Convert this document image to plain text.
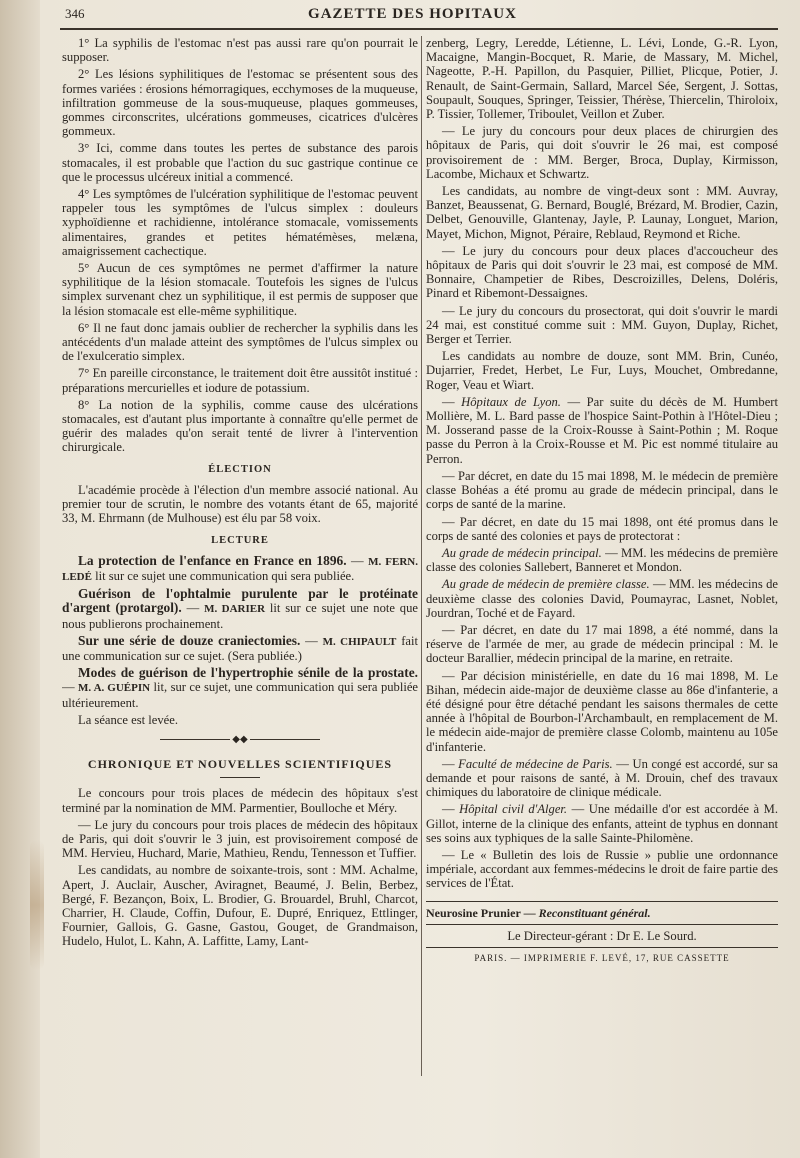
346	GAZETTE DES HOPITAUX

1° La syphilis de l'estomac n'est pas aussi rare qu'on pourrait le supposer.

2° Les lésions syphilitiques de l'estomac se présentent sous des formes variées : érosions hémorragiques, ecchymoses de la muqueuse, infiltration gommeuse de la sous-muqueuse, plaques gommeuses, gommes circonscrites, ulcérations gommeuses, cicatrices d'ulcères gommeux.

3° Ici, comme dans toutes les pertes de substance des parois stomacales, il est probable que l'action du suc gastrique continue ce que le processus ulcéreux initial a commencé.

4° Les symptômes de l'ulcération syphilitique de l'estomac peuvent rappeler tous les symptômes de l'ulcus simplex : douleurs xyphoïdienne et rachidienne, intolérance stomacale, vomissements alimentaires, grandes et petites hématémèses, melæna, amaigrissement cachectique.

5° Aucun de ces symptômes ne permet d'affirmer la nature syphilitique de la lésion stomacale. Toutefois les signes de l'ulcus simplex survenant chez un syphilitique, il est permis de supposer que la lésion stomacale est elle-même syphilitique.

6° Il ne faut donc jamais oublier de rechercher la syphilis dans les antécédents d'un malade atteint des symptômes de l'ulcus simplex ou de l'exulceratio simplex.

7° En pareille circonstance, le traitement doit être aussitôt institué : préparations mercurielles et iodure de potassium.

8° La notion de la syphilis, comme cause des ulcérations stomacales, est d'autant plus importante à connaître qu'elle permet de guérir des malades qu'on serait tenté de livrer à l'intervention chirurgicale.

ÉLECTION

L'académie procède à l'élection d'un membre associé national. Au premier tour de scrutin, le nombre des votants étant de 65, majorité 33, M. Ehrmann (de Mulhouse) est élu par 58 voix.

LECTURE

La protection de l'enfance en France en 1896. — M. FERN. LEDÉ lit sur ce sujet une communication qui sera publiée.

Guérison de l'ophtalmie purulente par le protéinate d'argent (protargol). — M. DARIER lit sur ce sujet une note que nous publierons prochainement.

Sur une série de douze craniectomies. — M. CHIPAULT fait une communication sur ce sujet. (Sera publiée.)

Modes de guérison de l'hypertrophie sénile de la prostate. — M. A. GUÉPIN lit, sur ce sujet, une communication qui sera publiée ultérieurement.

La séance est levée.

◆◆
CHRONIQUE ET NOUVELLES SCIENTIFIQUES

Le concours pour trois places de médecin des hôpitaux s'est terminé par la nomination de MM. Parmentier, Boulloche et Méry.

— Le jury du concours pour trois places de médecin des hôpitaux de Paris, qui doit s'ouvrir le 3 juin, est provisoirement composé de MM. Hervieu, Huchard, Marie, Mathieu, Rendu, Tennesson et Tuffier.

Les candidats, au nombre de soixante-trois, sont : MM. Achalme, Apert, J. Auclair, Auscher, Aviragnet, Beaumé, J. Belin, Berbez, Bergé, F. Bezançon, Boix, L. Brodier, G. Brouardel, Bruhl, Charcot, Charrier, H. Claude, Coffin, Dufour, E. Dupré, Enriquez, Ettlinger, Fournier, Gallois, G. Gasne, Gastou, Gouget, de Grandmaison, Hudelo, Hulot, L. Kahn, A. Laffitte, Lamy, Lant-

zenberg, Legry, Leredde, Létienne, L. Lévi, Londe, G.-R. Lyon, Macaigne, Mangin-Bocquet, R. Marie, de Massary, M. Michel, Nageotte, P.-H. Papillon, du Pasquier, Pilliet, Plicque, Potier, J. Renault, de Saint-Germain, Sallard, Marcel Sée, Sergent, J. Sottas, Soupault, Souques, Springer, Teissier, Thérèse, Thiercelin, Thiroloix, P. Tissier, Tollemer, Triboulet, Veillon et Zuber.

— Le jury du concours pour deux places de chirurgien des hôpitaux de Paris, qui doit s'ouvrir le 26 mai, est composé provisoirement de : MM. Berger, Broca, Duplay, Kirmisson, Lacombe, Michaux et Schwartz.

Les candidats, au nombre de vingt-deux sont : MM. Auvray, Banzet, Beaussenat, G. Bernard, Bouglé, Brézard, M. Brodier, Cazin, Delbet, Genouville, Glantenay, Jayle, P. Launay, Longuet, Marion, Mayet, Michon, Mignot, Péraire, Reblaud, Reymond et Riche.

— Le jury du concours pour deux places d'accoucheur des hôpitaux de Paris qui doit s'ouvrir le 23 mai, est composé de MM. Bonnaire, Champetier de Ribes, Descroizilles, Delens, Doléris, Pinard et Ribemont-Dessaignes.

— Le jury du concours du prosectorat, qui doit s'ouvrir le mardi 24 mai, est constitué comme suit : MM. Guyon, Duplay, Richet, Berger et Terrier.

Les candidats au nombre de douze, sont MM. Brin, Cunéo, Dujarrier, Fredet, Herbet, Le Fur, Luys, Mouchet, Ombredanne, Roger, Veau et Wiart.

— Hôpitaux de Lyon. — Par suite du décès de M. Humbert Mollière, M. L. Bard passe de l'hospice Saint-Pothin à l'Hôtel-Dieu ; M. Josserand passe de la Croix-Rousse à Saint-Pothin ; M. Roque passe du Perron à la Croix-Rousse et M. Pic est nommé titulaire au Perron.

— Par décret, en date du 15 mai 1898, M. le médecin de première classe Bohéas a été promu au grade de médecin principal, dans le corps de santé de la marine.

— Par décret, en date du 15 mai 1898, ont été promus dans le corps de santé des colonies et pays de protectorat :

Au grade de médecin principal. — MM. les médecins de première classe des colonies Sallebert, Banneret et Mondon.

Au grade de médecin de première classe. — MM. les médecins de deuxième classe des colonies David, Poumayrac, Lasnet, Noblet, Jourdran, Toché et de Fayard.

— Par décret, en date du 17 mai 1898, a été nommé, dans la réserve de l'armée de mer, au grade de médecin principal : M. le docteur Barallier, médecin principal de la marine, en retraite.

— Par décision ministérielle, en date du 16 mai 1898, M. Le Bihan, médecin aide-major de deuxième classe au 86e d'infanterie, a été désigné pour être détaché pendant les saisons thermales de cette année à l'hôpital de Bourbon-l'Archambault, en remplacement de M. le médecin aide-major de première classe Colomb, maintenu au 105e d'infanterie.

— Faculté de médecine de Paris. — Un congé est accordé, sur sa demande et pour raisons de santé, à M. Drouin, chef des travaux chimiques du laboratoire de clinique médicale.

— Hôpital civil d'Alger. — Une médaille d'or est accordée à M. Gillot, interne de la clinique des enfants, atteint de typhus en donnant ses soins aux typhiques de la salle Sainte-Philomène.

— Le « Bulletin des lois de Russie » publie une ordonnance impériale, accordant aux femmes-médecins le droit de faire partie des services de l'État.

Neurosine Prunier — Reconstituant général.

Le Directeur-gérant : Dr E. Le Sourd.

PARIS. — IMPRIMERIE F. LEVÉ, 17, RUE CASSETTE
